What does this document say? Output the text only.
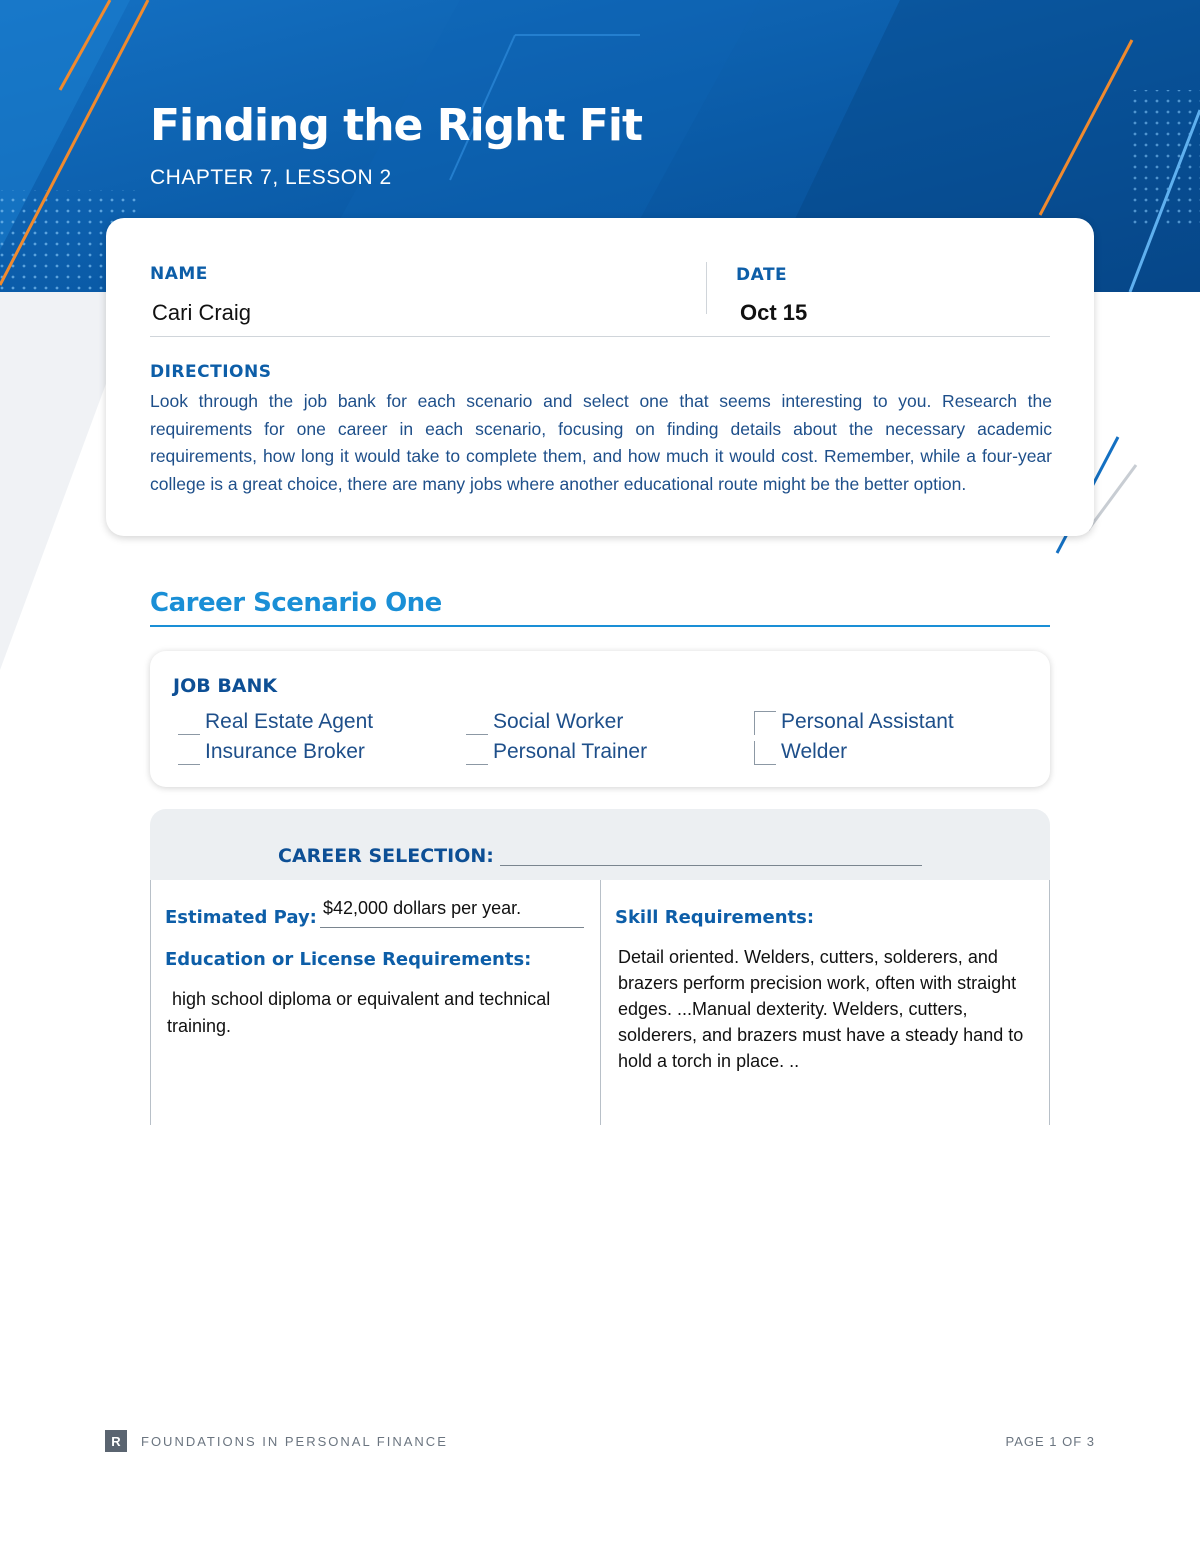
Finding the Right Fit
CHAPTER 7, LESSON 2
NAME
Cari Craig
DATE
Oct 15
DIRECTIONS
Look through the job bank for each scenario and select one that seems interesting to you. Research the requirements for one career in each scenario, focusing on finding details about the necessary academic requirements, how long it would take to complete them, and how much it would cost. Remember, while a four-year college is a great choice, there are many jobs where another educational route might be the better option.
Career Scenario One
JOB BANK
Real Estate Agent
Insurance Broker
Social Worker
Personal Trainer
Personal Assistant
Welder
CAREER SELECTION:
Estimated Pay: $42,000 dollars per year.
Education or License Requirements:
high school diploma or equivalent and technical training.
Skill Requirements:
Detail oriented. Welders, cutters, solderers, and brazers perform precision work, often with straight edges. ...Manual dexterity. Welders, cutters, solderers, and brazers must have a steady hand to hold a torch in place. ..
R	FOUNDATIONS IN PERSONAL FINANCE	PAGE 1 OF 3
